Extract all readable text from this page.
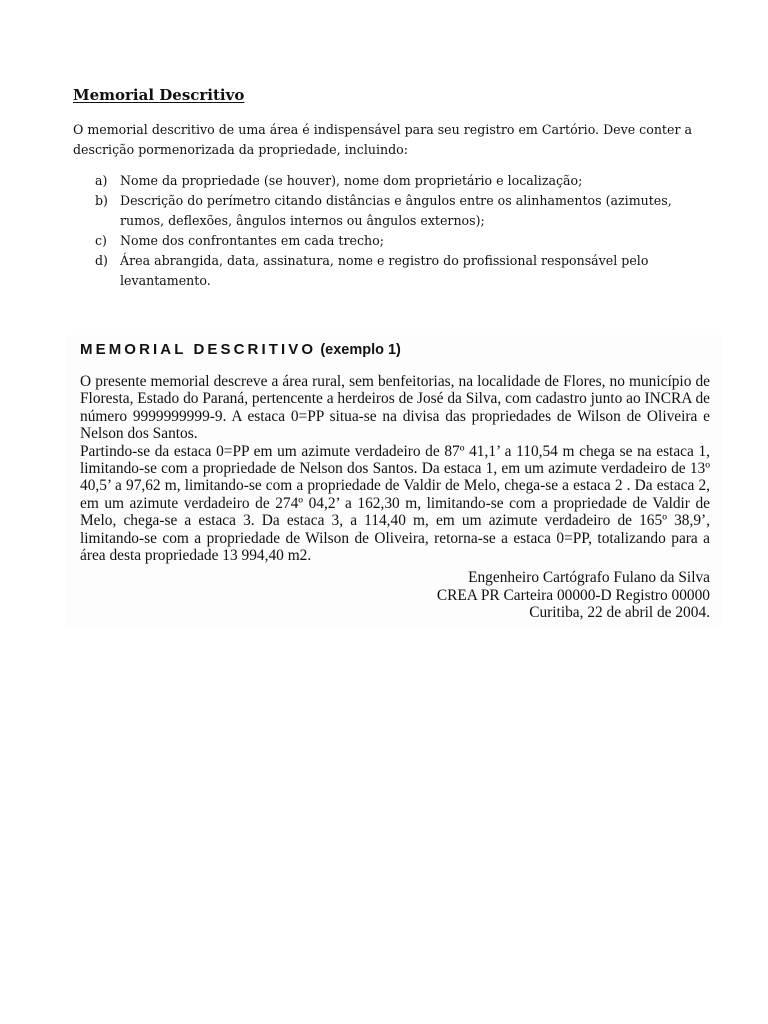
Memorial Descritivo

O memorial descritivo de uma área é indispensável para seu registro em Cartório. Deve conter a descrição pormenorizada da propriedade, incluindo:

a) Nome da propriedade (se houver), nome dom proprietário e localização;
b) Descrição do perímetro citando distâncias e ângulos entre os alinhamentos (azimutes, rumos, deflexões, ângulos internos ou ângulos externos);
c)	Nome dos confrontantes em cada trecho;
d) Área abrangida, data, assinatura, nome e registro do profissional responsável pelo levantamento.
MEMORIAL DESCRITIVO (exemplo 1)

O presente memorial descreve a área rural, sem benfeitorias, na localidade de Flores, no município de Floresta, Estado do Paraná, pertencente a herdeiros de José da Silva, com cadastro junto ao INCRA de número 9999999999-9. A estaca 0=PP situa-se na divisa das propriedades de Wilson de Oliveira e Nelson dos Santos.

Partindo-se da estaca 0=PP em um azimute verdadeiro de 87º 41,1’ a 110,54 m chega se na estaca 1, limitando-se com a propriedade de Nelson dos Santos. Da estaca 1, em um azimute verdadeiro de 13º 40,5’ a 97,62 m, limitando-se com a propriedade de Valdir de Melo, chega-se a estaca 2 . Da estaca 2, em um azimute verdadeiro de 274º 04,2’ a 162,30 m, limitando-se com a propriedade de Valdir de Melo, chega-se a estaca 3. Da estaca 3, a 114,40 m, em um azimute verdadeiro de 165º 38,9’, limitando-se com a propriedade de Wilson de Oliveira, retorna-se a estaca 0=PP, totalizando para a área desta propriedade 13 994,40 m2.

Engenheiro Cartógrafo Fulano da Silva
CREA PR Carteira 00000-D Registro 00000
Curitiba, 22 de abril de 2004.
